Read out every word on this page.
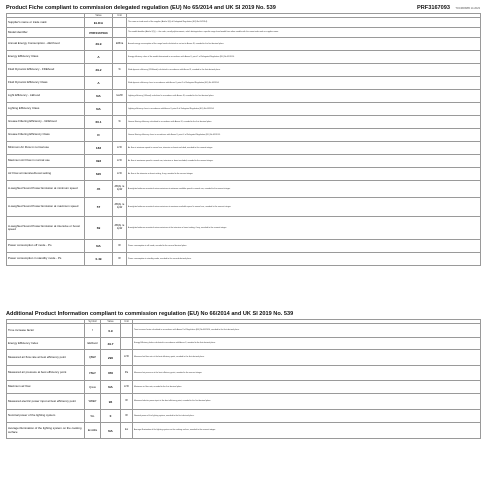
Product Fiche compliant to commission delegated regulation (EU) No 65/2014 and UK SI 2019 No. 539	PRF3167093 TOCR09985 14.2023
	Value	Unit	
Supplier's name or trade mark	ELICA		The name or trade mark of the supplier (Article 2(4) of Delegated Regulation (EU) No 65/2014).
Model identifier	PRF0167093		The model identifier (Article 2(5)) — the code, usually alphanumeric, which distinguishes a specific range hood model from other models with the same trade mark or supplier name.
Annual Energy Consumption - AEChood	29.9	kWh/a	Annual energy consumption of the range hood calculated as set out in Annex IX, rounded to the first decimal place.
Energy Efficiency Class	A		Energy efficiency class of the model determined in accordance with Annex II, point 1 of Delegated Regulation (EU) No 65/2014.
Fluid Dynamic Efficiency - FDEhood	29.2	%	Fluid dynamic efficiency (FDEhood) calculated in accordance with Annex IX, rounded to the first decimal place.
Fluid Dynamic Efficiency Class	A		Fluid dynamic efficiency class in accordance with Annex II, point 2 of Delegated Regulation (EU) No 65/2014.
Light Efficiency - LEhood	NA	lux/W	Lighting efficiency (LEhood) calculated in accordance with Annex IX, rounded to the first decimal place.
Lighting Efficiency Class	NA		Lighting efficiency class in accordance with Annex II, point 3 of Delegated Regulation (EU) No 65/2014.
Grease Filtering Efficiency - GFEhood	60.1	%	Grease filtering efficiency calculated in accordance with Annex IX, rounded to the first decimal place.
Grease Filtering Efficiency Class	D		Grease filtering efficiency class in accordance with Annex II, point 4 of Delegated Regulation (EU) No 65/2014.
Minimum Air Flow in normal use	183	m³/h	Air flow at minimum speed in normal use, intensive or boost excluded, rounded to the nearest integer.
Maximum Air Flow in normal use	393	m³/h	Air flow at maximum speed in normal use, intensive or boost excluded, rounded to the nearest integer.
Air Flow at intensive/boost setting	620	m³/h	Air flow at the intensive or boost setting, if any, rounded to the nearest integer.
A-weighted Sound Power Emission at minimum speed	45	dB(A) re 1pW	A-weighted airborne acoustical noise emissions at minimum available speed in normal use, rounded to the nearest integer.
A-weighted Sound Power Emission at maximum speed	57	dB(A) re 1pW	A-weighted airborne acoustical noise emissions at maximum available speed in normal use, rounded to the nearest integer.
A-weighted Sound Power Emission at intensive or boost speed	69	dB(A) re 1pW	A-weighted airborne acoustical noise emissions at the intensive or boost setting, if any, rounded to the nearest integer.
Power consumption off mode - Po	NA	W	Power consumption in off mode, rounded to the second decimal place.
Power consumption in standby mode - Ps	0.49	W	Power consumption in standby mode, rounded to the second decimal place.
Additional Product Information compliant to commission regulation (EU) No 66/2014 and UK SI 2019 No. 539
	Symbol	Value	Unit	
Time increase factor	f	0.9		Time increase factor calculated in accordance with Annex II of Regulation (EU) No 66/2014, rounded to the first decimal place.
Energy Efficiency Index	EEIhood	49.7		Energy Efficiency Index calculated in accordance with Annex II, rounded to the first decimal place.
Measured air flow rate at best efficiency point	QBEP	290	m³/h	Measured air flow rate at the best efficiency point, rounded to the first decimal place.
Measured air pressure at best efficiency point	PBEP	350	Pa	Measured air pressure at the best efficiency point, rounded to the nearest integer.
Maximum air flow	Qmax	NA	m³/h	Maximum air flow rate, rounded to the first decimal place.
Measured electric power input at best efficiency point	WBEP	96	W	Measured electric power input at the best efficiency point, rounded to the first decimal place.
Nominal power of the lighting system	WL	0	W	Nominal power of the lighting system, rounded to the first decimal place.
Average illumination of the lighting system on the cooking surface	Emiddle	NA	lux	Average illumination of the lighting system on the cooking surface, rounded to the nearest integer.
